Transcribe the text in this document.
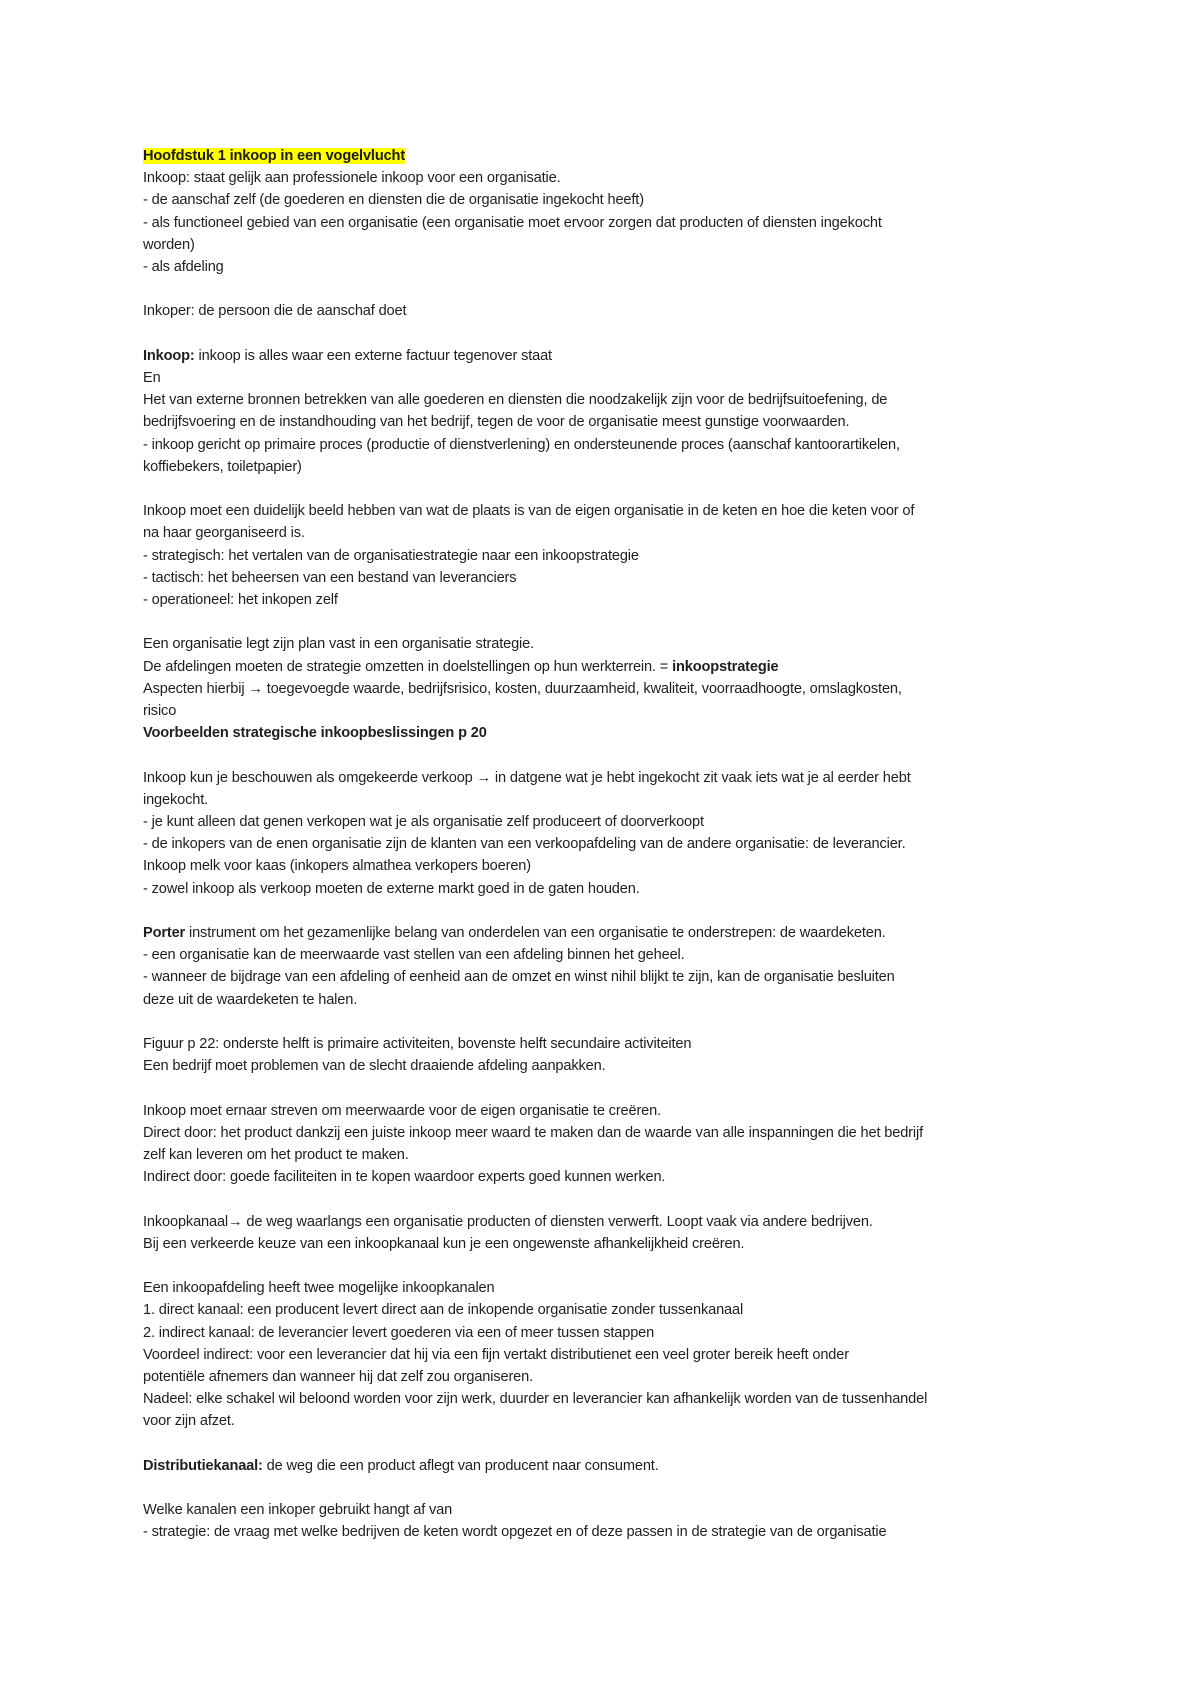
Hoofdstuk 1 inkoop in een vogelvlucht
Inkoop: staat gelijk aan professionele inkoop voor een organisatie.
- de aanschaf zelf (de goederen en diensten die de organisatie ingekocht heeft)
- als functioneel gebied van een organisatie (een organisatie moet ervoor zorgen dat producten of diensten ingekocht
worden)
- als afdeling
Inkoper: de persoon die de aanschaf doet
Inkoop: inkoop is alles waar een externe factuur tegenover staat
En
Het van externe bronnen betrekken van alle goederen en diensten die noodzakelijk zijn voor de bedrijfsuitoefening, de
bedrijfsvoering en de instandhouding van het bedrijf, tegen de voor de organisatie meest gunstige voorwaarden.
- inkoop gericht op primaire proces (productie of dienstverlening) en ondersteunende proces (aanschaf kantoorartikelen,
koffiebekers, toiletpapier)
Inkoop moet een duidelijk beeld hebben van wat de plaats is van de eigen organisatie in de keten en hoe die keten voor of
na haar georganiseerd is.
- strategisch: het vertalen van de organisatiestrategie naar een inkoopstrategie
- tactisch: het beheersen van een bestand van leveranciers
- operationeel: het inkopen zelf
Een organisatie legt zijn plan vast in een organisatie strategie.
De afdelingen moeten de strategie omzetten in doelstellingen op hun werkterrein. = inkoopstrategie
Aspecten hierbij → toegevoegde waarde, bedrijfsrisico, kosten, duurzaamheid, kwaliteit, voorraadhoogte, omslagkosten,
risico
Voorbeelden strategische inkoopbeslissingen p 20
Inkoop kun je beschouwen als omgekeerde verkoop → in datgene wat je hebt ingekocht zit vaak iets wat je al eerder hebt
ingekocht.
- je kunt alleen dat genen verkopen wat je als organisatie zelf produceert of doorverkoopt
- de inkopers van de enen organisatie zijn de klanten van een verkoopafdeling van de andere organisatie: de leverancier.
Inkoop melk voor kaas (inkopers almathea verkopers boeren)
- zowel inkoop als verkoop moeten de externe markt goed in de gaten houden.
Porter instrument om het gezamenlijke belang van onderdelen van een organisatie te onderstrepen: de waardeketen.
- een organisatie kan de meerwaarde vast stellen van een afdeling binnen het geheel.
- wanneer de bijdrage van een afdeling of eenheid aan de omzet en winst nihil blijkt te zijn, kan de organisatie besluiten
deze uit de waardeketen te halen.
Figuur p 22: onderste helft is primaire activiteiten, bovenste helft secundaire activiteiten
Een bedrijf moet problemen van de slecht draaiende afdeling aanpakken.
Inkoop moet ernaar streven om meerwaarde voor de eigen organisatie te creëren.
Direct door: het product dankzij een juiste inkoop meer waard te maken dan de waarde van alle inspanningen die het bedrijf
zelf kan leveren om het product te maken.
Indirect door: goede faciliteiten in te kopen waardoor experts goed kunnen werken.
Inkoopkanaal→ de weg waarlangs een organisatie producten of diensten verwerft. Loopt vaak via andere bedrijven.
Bij een verkeerde keuze van een inkoopkanaal kun je een ongewenste afhankelijkheid creëren.
Een inkoopafdeling heeft twee mogelijke inkoopkanalen
1. direct kanaal: een producent levert direct aan de inkopende organisatie zonder tussenkanaal
2. indirect kanaal: de leverancier levert goederen via een of meer tussen stappen
Voordeel indirect: voor een leverancier dat hij via een fijn vertakt distributienet een veel groter bereik heeft onder
potentiële afnemers dan wanneer hij dat zelf zou organiseren.
Nadeel: elke schakel wil beloond worden voor zijn werk, duurder en leverancier kan afhankelijk worden van de tussenhandel
voor zijn afzet.
Distributiekanaal: de weg die een product aflegt van producent naar consument.
Welke kanalen een inkoper gebruikt hangt af van
- strategie: de vraag met welke bedrijven de keten wordt opgezet en of deze passen in de strategie van de organisatie
